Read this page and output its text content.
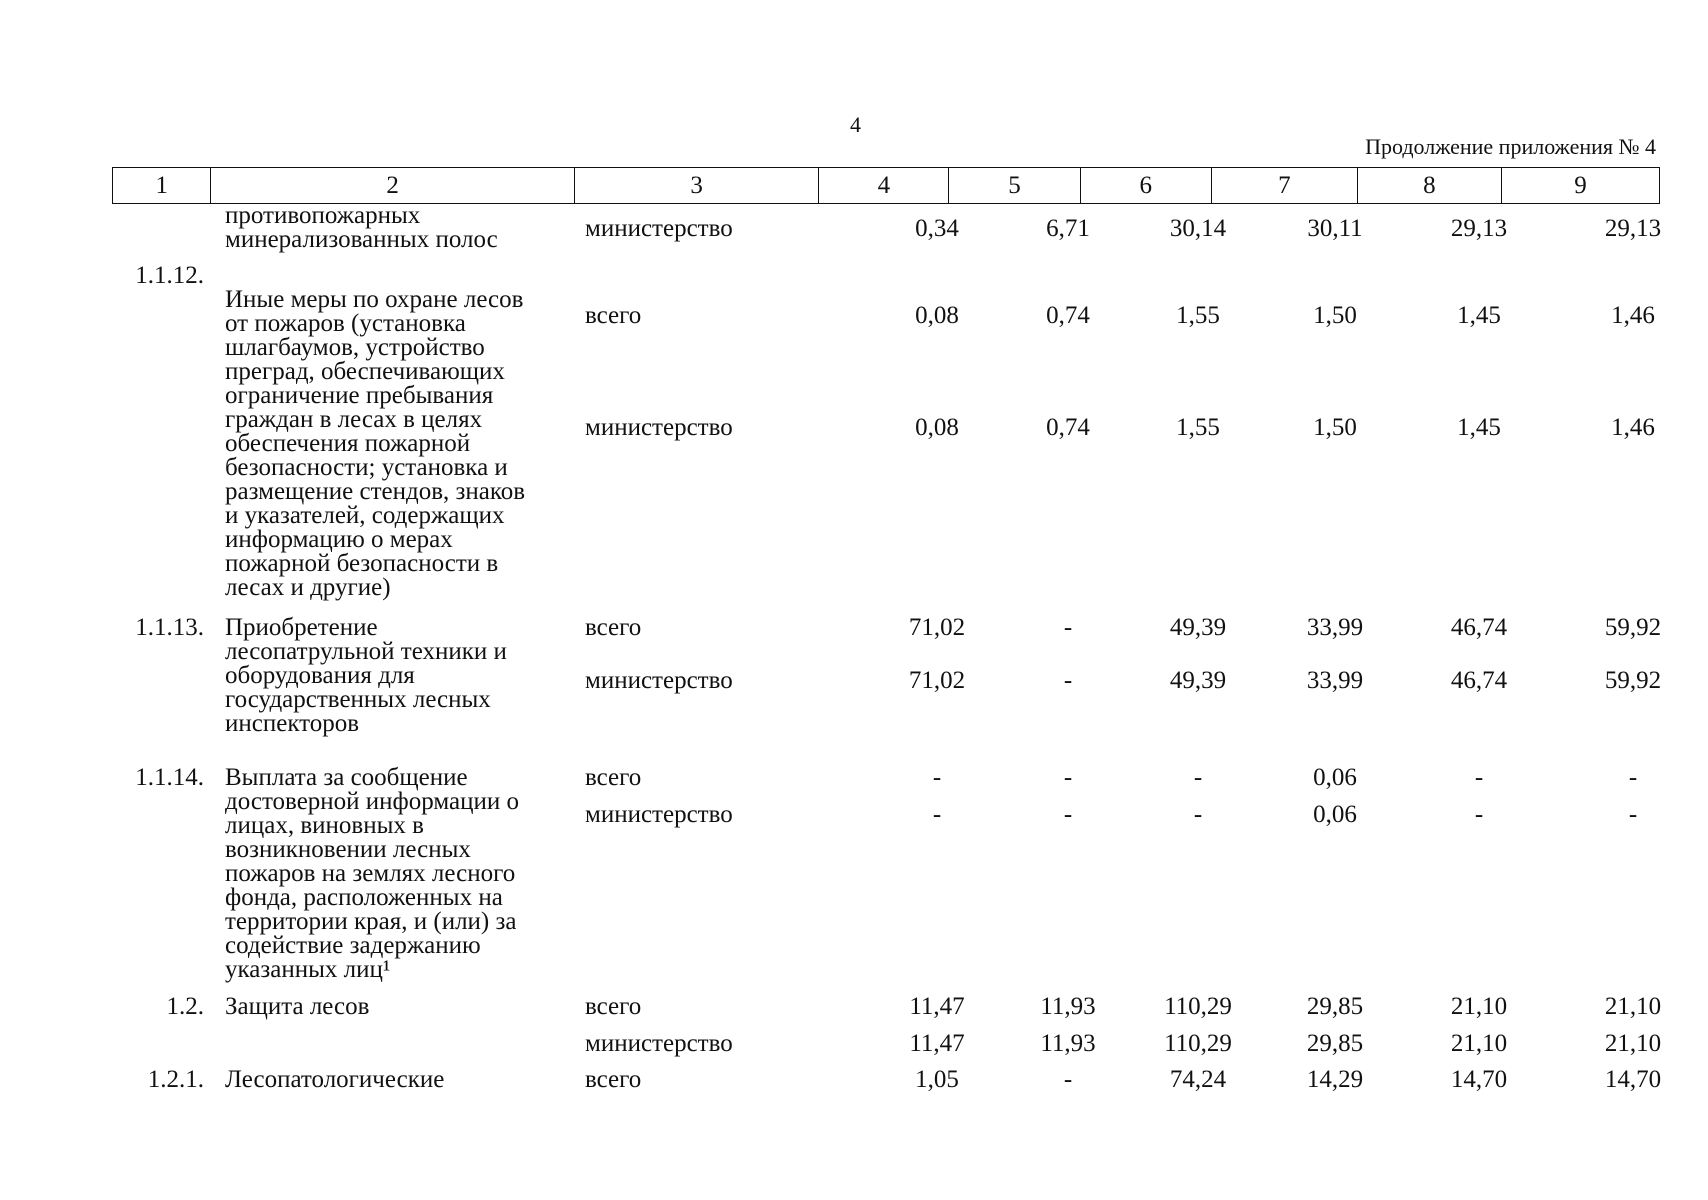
4
Продолжение приложения № 4
1	2	3	4	5	6	7	8	9
противопожарных
минерализованных полос	министерство	0,34	6,71	30,14	30,11	29,13	29,13
1.1.12.
Иные меры по охране лесов
от пожаров (установка
шлагбаумов, устройство
преград, обеспечивающих
ограничение пребывания
граждан в лесах в целях
обеспечения пожарной
безопасности; установка и
размещение стендов, знаков
и указателей, содержащих
информацию о мерах
пожарной безопасности в
лесах и другие)
всего	0,08	0,74	1,55	1,50	1,45	1,46
министерство	0,08	0,74	1,55	1,50	1,45	1,46
1.1.13. Приобретение
лесопатрульной техники и
оборудования для
государственных лесных
инспекторов
всего	71,02	-	49,39	33,99	46,74	59,92
министерство	71,02	-	49,39	33,99	46,74	59,92
1.1.14. Выплата за сообщение
достоверной информации о
лицах, виновных в
возникновении лесных
пожаров на землях лесного
фонда, расположенных на
территории края, и (или) за
содействие задержанию
указанных лиц¹
всего	-	-	-	0,06	-	-
министерство	-	-	-	0,06	-	-
1.2. Защита лесов	всего	11,47	11,93	110,29	29,85	21,10	21,10
министерство	11,47	11,93	110,29	29,85	21,10	21,10
1.2.1. Лесопатологические	всего	1,05	-	74,24	14,29	14,70	14,70
